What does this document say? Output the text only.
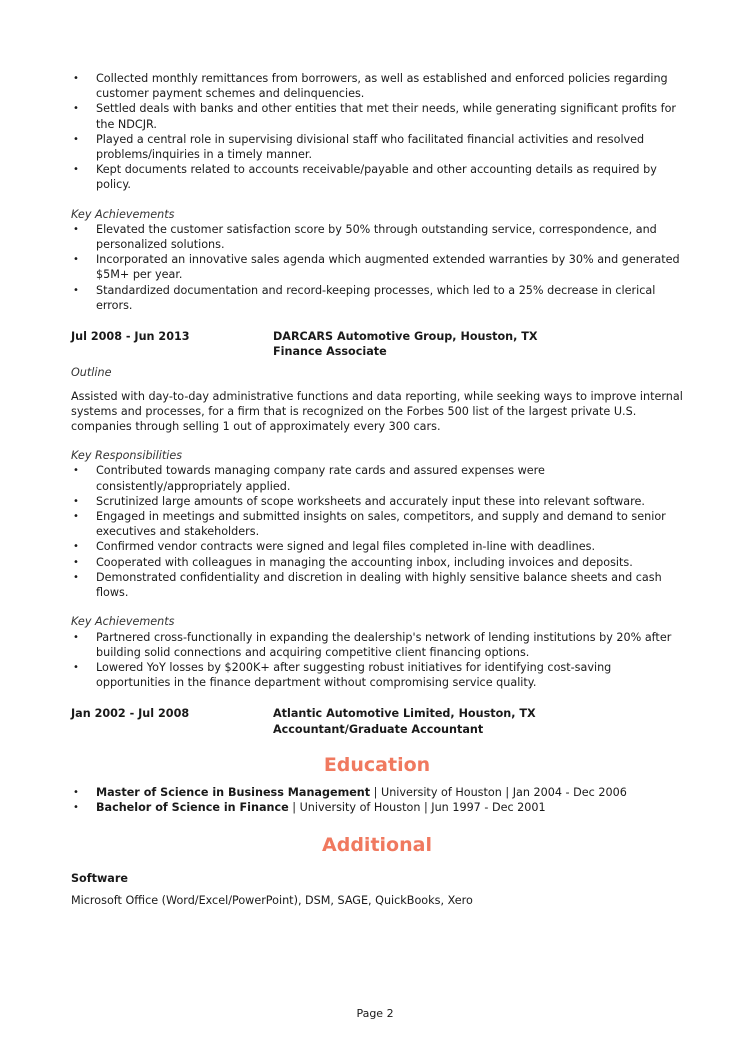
• Collected monthly remittances from borrowers, as well as established and enforced policies regarding customer payment schemes and delinquencies.
• Settled deals with banks and other entities that met their needs, while generating significant profits for the NDCJR.
• Played a central role in supervising divisional staff who facilitated financial activities and resolved problems/inquiries in a timely manner.
• Kept documents related to accounts receivable/payable and other accounting details as required by policy.

Key Achievements

• Elevated the customer satisfaction score by 50% through outstanding service, correspondence, and personalized solutions.
• Incorporated an innovative sales agenda which augmented extended warranties by 30% and generated $5M+ per year.
• Standardized documentation and record-keeping processes, which led to a 25% decrease in clerical errors.
Jul 2008 - Jun 2013	DARCARS Automotive Group, Houston, TX
Finance Associate

Outline

Assisted with day-to-day administrative functions and data reporting, while seeking ways to improve internal systems and processes, for a firm that is recognized on the Forbes 500 list of the largest private U.S. companies through selling 1 out of approximately every 300 cars.

Key Responsibilities

• Contributed towards managing company rate cards and assured expenses were consistently/appropriately applied.
• Scrutinized large amounts of scope worksheets and accurately input these into relevant software.
• Engaged in meetings and submitted insights on sales, competitors, and supply and demand to senior executives and stakeholders.
• Confirmed vendor contracts were signed and legal files completed in-line with deadlines.
• Cooperated with colleagues in managing the accounting inbox, including invoices and deposits.
• Demonstrated confidentiality and discretion in dealing with highly sensitive balance sheets and cash flows.

Key Achievements

• Partnered cross-functionally in expanding the dealership's network of lending institutions by 20% after building solid connections and acquiring competitive client financing options.
• Lowered YoY losses by $200K+ after suggesting robust initiatives for identifying cost-saving opportunities in the finance department without compromising service quality.
Jan 2002 - Jul 2008	Atlantic Automotive Limited, Houston, TX
Accountant/Graduate Accountant
Education
• Master of Science in Business Management | University of Houston | Jan 2004 - Dec 2006
• Bachelor of Science in Finance | University of Houston | Jun 1997 - Dec 2001
Additional

Software

Microsoft Office (Word/Excel/PowerPoint), DSM, SAGE, QuickBooks, Xero

Page 2
